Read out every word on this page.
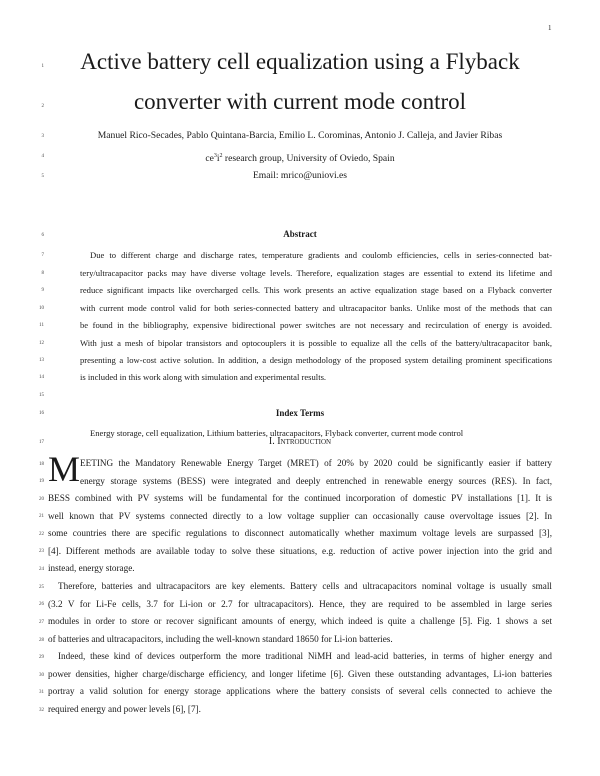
1
1
2
3
4
5
6
7
8
9
10
11
12
13
14
15
16
17
18
19
20
21
22
23
24
25
26
27
28
29
30
31
32
Active battery cell equalization using a Flyback
converter with current mode control
Manuel Rico-Secades, Pablo Quintana-Barcia, Emilio L. Corominas, Antonio J. Calleja, and Javier Ribas
$ce^3i^2$ research group, University of Oviedo, Spain
Email: mrico@uniovi.es
Abstract
Due to different charge and discharge rates, temperature gradients and coulomb efficiencies, cells in series-connected bat-
tery/ultracapacitor packs may have diverse voltage levels. Therefore, equalization stages are essential to extend its lifetime and
reduce significant impacts like overcharged cells. This work presents an active equalization stage based on a Flyback converter
with current mode control valid for both series-connected battery and ultracapacitor banks. Unlike most of the methods that can
be found in the bibliography, expensive bidirectional power switches are not necessary and recirculation of energy is avoided.
With just a mesh of bipolar transistors and optocouplers it is possible to equalize all the cells of the battery/ultracapacitor bank,
presenting a low-cost active solution. In addition, a design methodology of the proposed system detailing prominent specifications
is included in this work along with simulation and experimental results.
Index Terms
Energy storage, cell equalization, Lithium batteries, ultracapacitors, Flyback converter, current mode control
I. Introduction
M EETING the Mandatory Renewable Energy Target (MRET) of 20% by 2020 could be significantly easier if battery
energy storage systems (BESS) were integrated and deeply entrenched in renewable energy sources (RES). In fact,
BESS combined with PV systems will be fundamental for the continued incorporation of domestic PV installations [1]. It is
well known that PV systems connected directly to a low voltage supplier can occasionally cause overvoltage issues [2]. In
some countries there are specific regulations to disconnect automatically whether maximum voltage levels are surpassed [3],
[4]. Different methods are available today to solve these situations, e.g. reduction of active power injection into the grid and
instead, energy storage.
Therefore, batteries and ultracapacitors are key elements. Battery cells and ultracapacitors nominal voltage is usually small
(3.2 V for Li-Fe cells, 3.7 for Li-ion or 2.7 for ultracapacitors). Hence, they are required to be assembled in large series
modules in order to store or recover significant amounts of energy, which indeed is quite a challenge [5]. Fig. 1 shows a set
of batteries and ultracapacitors, including the well-known standard 18650 for Li-ion batteries.
Indeed, these kind of devices outperform the more traditional NiMH and lead-acid batteries, in terms of higher energy and
power densities, higher charge/discharge efficiency, and longer lifetime [6]. Given these outstanding advantages, Li-ion batteries
portray a valid solution for energy storage applications where the battery consists of several cells connected to achieve the
required energy and power levels [6], [7].
